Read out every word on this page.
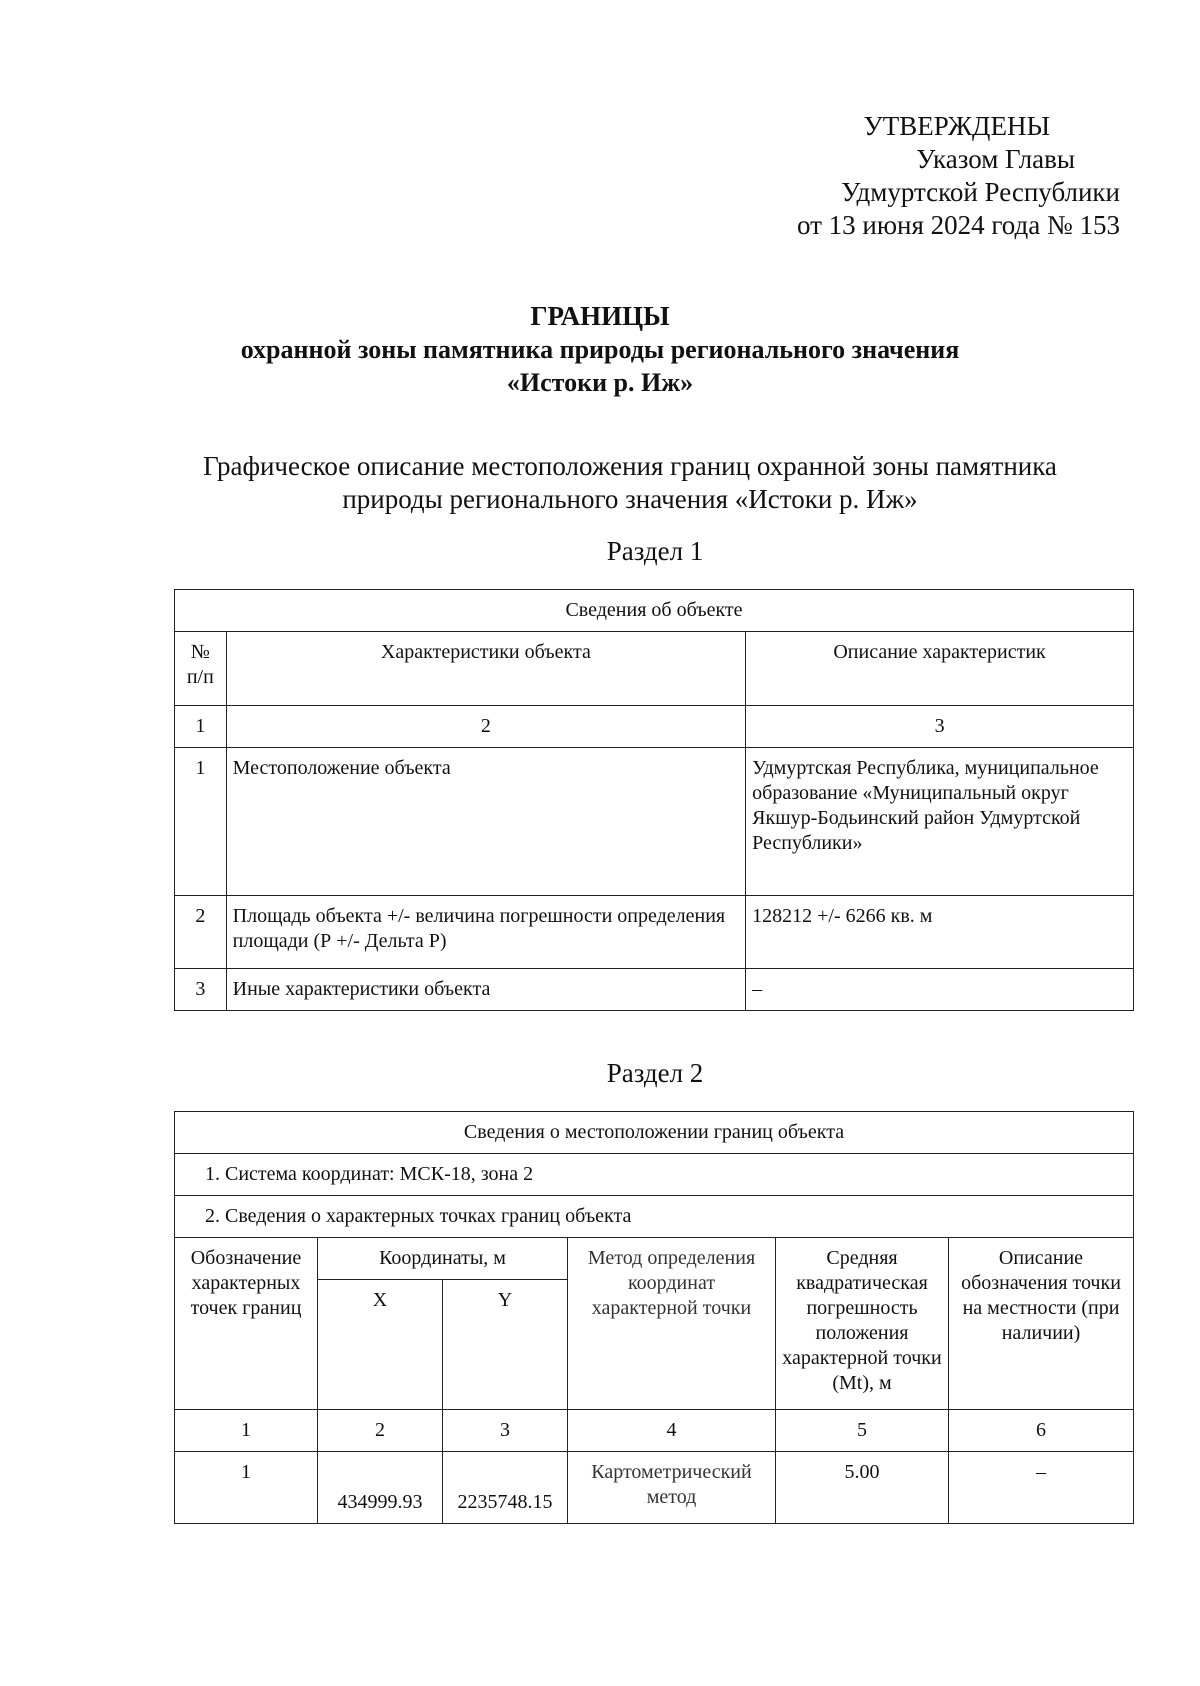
УТВЕРЖДЕНЫ
Указом Главы
Удмуртской Республики
от 13 июня 2024 года № 153
ГРАНИЦЫ
охранной зоны памятника природы регионального значения
«Истоки р. Иж»
Графическое описание местоположения границ охранной зоны памятника природы регионального значения «Истоки р. Иж»
Раздел 1
Сведения об объекте		
№ п/п	Характеристики объекта	Описание характеристик
1	2	3
1	Местоположение объекта	Удмуртская Республика, муниципальное образование «Муниципальный округ Якшур-Бодьинский район Удмуртской Республики»
2	Площадь объекта +/- величина погрешности определения площади (Р +/- Дельта Р)	128212 +/- 6266 кв. м
3	Иные характеристики объекта	–
Раздел 2
Сведения о местоположении границ объекта					
1. Система координат: МСК-18, зона 2					
2. Сведения о характерных точках границ объекта					
Обозначение характерных точек границ	Координаты, м		Метод определения координат характерной точки	Средняя квадратическая погрешность положения характерной точки (Mt), м	Описание обозначения точки на местности (при наличии)
	X	Y			
1	2	3	4	5	6
1	434999.93	2235748.15	Картометрический метод	5.00	–
